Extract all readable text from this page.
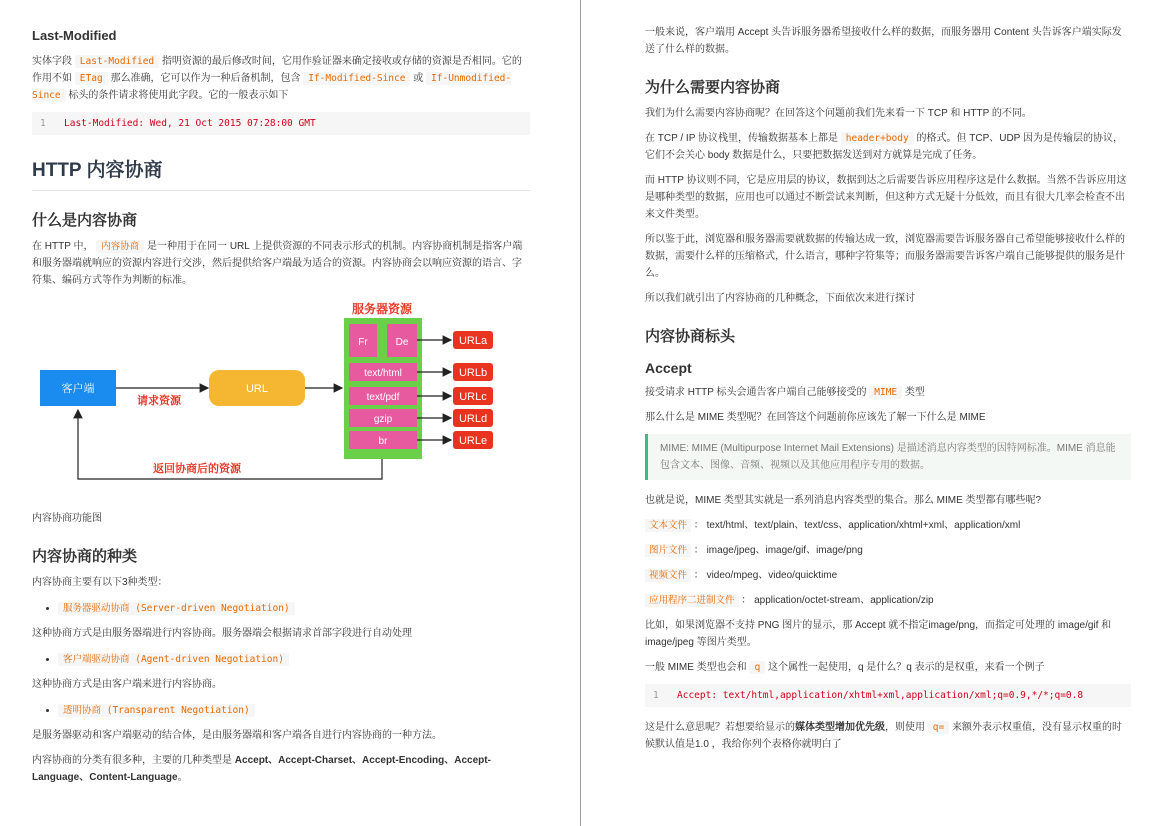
Last-Modified

实体字段 Last-Modified 指明资源的最后修改时间，它用作验证器来确定接收或存储的资源是否相同。它的作用不如 ETag 那么准确，它可以作为一种后备机制，包含 If-Modified-Since 或 If-Unmodified-Since 标头的条件请求将使用此字段。它的一般表示如下

1 Last-Modified: Wed, 21 Oct 2015 07:28:00 GMT
HTTP 内容协商
什么是内容协商

在 HTTP 中， 内容协商 是一种用于在同一 URL 上提供资源的不同表示形式的机制。内容协商机制是指客户端和服务器端就响应的资源内容进行交涉，然后提供给客户端最为适合的资源。内容协商会以响应资源的语言、字符集、编码方式等作为判断的标准。

客户端
请求资源
URL
服务器资源
Fr	De
text/html
text/pdf
gzip
br
URLa
URLb
URLc
URLd
URLe
返回协商后的资源

内容协商功能图

内容协商的种类

内容协商主要有以下3种类型：

• 服务器驱动协商 (Server-driven Negotiation)

这种协商方式是由服务器端进行内容协商。服务器端会根据请求首部字段进行自动处理

• 客户端驱动协商 (Agent-driven Negotiation)

这种协商方式是由客户端来进行内容协商。

• 透明协商 (Transparent Negotiation)

是服务器驱动和客户端驱动的结合体，是由服务器端和客户端各自进行内容协商的一种方法。

内容协商的分类有很多种，主要的几种类型是 Accept、Accept-Charset、Accept-Encoding、Accept-Language、Content-Language。

一般来说，客户端用 Accept 头告诉服务器希望接收什么样的数据，而服务器用 Content 头告诉客户端实际发送了什么样的数据。

为什么需要内容协商

我们为什么需要内容协商呢？在回答这个问题前我们先来看一下 TCP 和 HTTP 的不同。

在 TCP / IP 协议栈里，传输数据基本上都是 header+body 的格式。但 TCP、UDP 因为是传输层的协议，它们不会关心 body 数据是什么，只要把数据发送到对方就算是完成了任务。

而 HTTP 协议则不同，它是应用层的协议，数据到达之后需要告诉应用程序这是什么数据。当然不告诉应用这是哪种类型的数据，应用也可以通过不断尝试来判断，但这种方式无疑十分低效，而且有很大几率会检查不出来文件类型。

所以鉴于此，浏览器和服务器需要就数据的传输达成一致，浏览器需要告诉服务器自己希望能够接收什么样的数据，需要什么样的压缩格式，什么语言，哪种字符集等；而服务器需要告诉客户端自己能够提供的服务是什么。

所以我们就引出了内容协商的几种概念，下面依次来进行探讨

内容协商标头
Accept

接受请求 HTTP 标头会通告客户端自己能够接受的 MIME 类型

那么什么是 MIME 类型呢？在回答这个问题前你应该先了解一下什么是 MIME

MIME: MIME (Multipurpose Internet Mail Extensions) 是描述消息内容类型的因特网标准。MIME 消息能包含文本、图像、音频、视频以及其他应用程序专用的数据。

也就是说，MIME 类型其实就是一系列消息内容类型的集合。那么 MIME 类型都有哪些呢?

文本文件 ： text/html、text/plain、text/css、application/xhtml+xml、application/xml

图片文件 ： image/jpeg、image/gif、image/png

视频文件 ： video/mpeg、video/quicktime

应用程序二进制文件 ： application/octet-stream、application/zip

比如，如果浏览器不支持 PNG 图片的显示，那 Accept 就不指定image/png，而指定可处理的 image/gif 和 image/jpeg 等图片类型。

一般 MIME 类型也会和 q 这个属性一起使用，q 是什么？q 表示的是权重，来看一个例子

1 Accept: text/html,application/xhtml+xml,application/xml;q=0.9,*/*;q=0.8

这是什么意思呢？若想要给显示的媒体类型增加优先级，则使用 q= 来额外表示权重值，没有显示权重的时候默认值是1.0 ，我给你列个表格你就明白了
